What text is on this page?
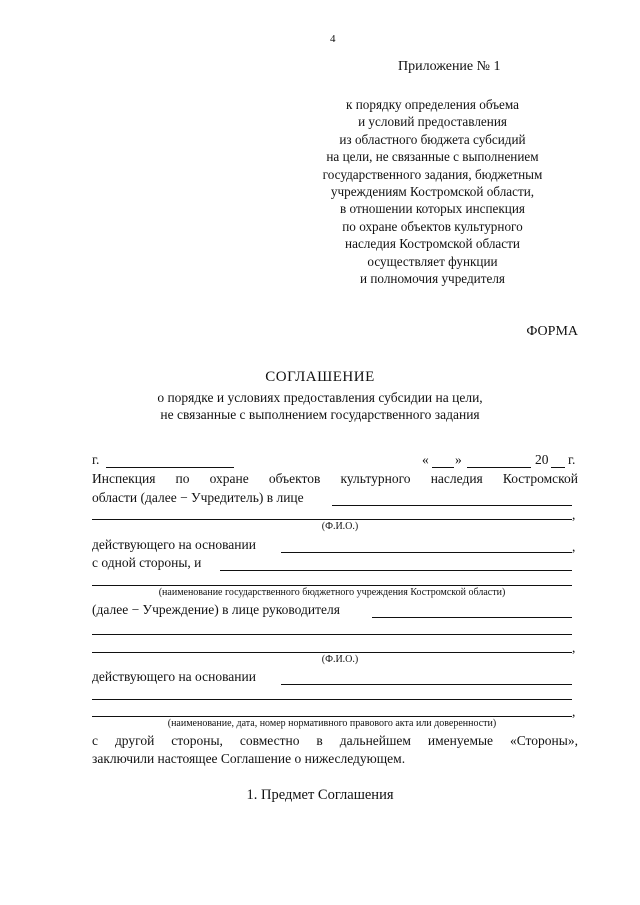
4
Приложение № 1
к порядку определения объема
и условий предоставления
из областного бюджета субсидий
на цели, не связанные с выполнением
государственного задания, бюджетным
учреждениям Костромской области,
в отношении которых инспекция
по охране объектов культурного
наследия Костромской области
осуществляет функции
и полномочия учредителя
ФОРМА
СОГЛАШЕНИЕ
о порядке и условиях предоставления субсидии на цели,
не связанные с выполнением государственного задания
г.	« »	20 г.
Инспекция по охране объектов культурного наследия Костромской
области (далее − Учредитель) в лице
,
(Ф.И.О.)
действующего на основании	,
с одной стороны, и
(наименование государственного бюджетного учреждения Костромской области)
(далее − Учреждение) в лице руководителя
,
(Ф.И.О.)
действующего на основании
,
(наименование, дата, номер нормативного правового акта или доверенности)
с другой стороны, совместно в дальнейшем именуемые «Стороны»,
заключили настоящее Соглашение о нижеследующем.
1. Предмет Соглашения
